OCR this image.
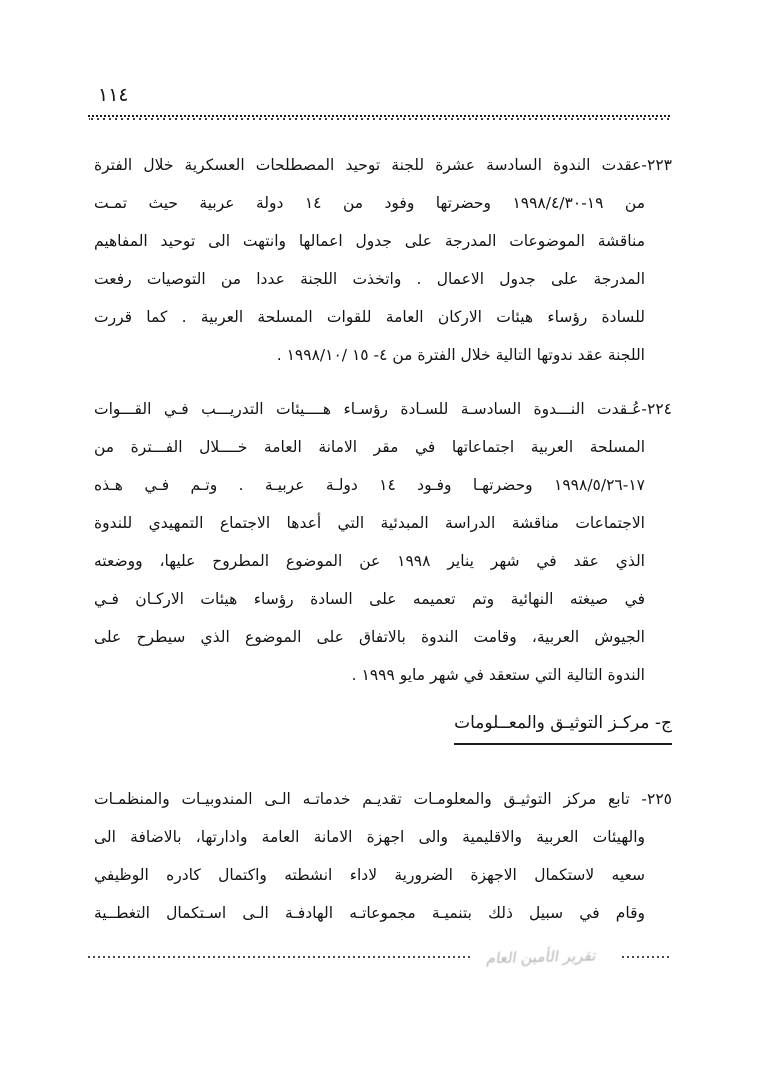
١١٤
٢٢٣-عقدت الندوة السادسة عشرة للجنة توحيد المصطلحات العسكرية خلال الفترة
من ١٩-١٩٩٨/٤/٣٠ وحضرتها وفود من ١٤ دولة عربية حيث تمـت
مناقشة الموضوعات المدرجة على جدول اعمالها وانتهت الى توحيد المفاهيم
المدرجة على جدول الاعمال . واتخذت اللجنة عددا من التوصيات رفعت
للسادة رؤساء هيئات الاركان العامة للقوات المسلحة العربية . كما قررت
اللجنة عقد ندوتها التالية خلال الفترة من ٤- ١٥ /١٩٩٨/١٠ .
٢٢٤-عُـقدت النـــدوة السادسـة للسـادة رؤسـاء هــــيئات التدريـــب فـي القـــوات
المسلحة العربية اجتماعاتها في مقر الامانة العامة خــــلال الفـــترة من
١٧-١٩٩٨/٥/٢٦ وحضرتهـا وفـود ١٤ دولـة عربيـة . وتـم فـي هـذه
الاجتماعات مناقشة الدراسة المبدئية التي أعدها الاجتماع التمهيدي للندوة
الذي عقد في شهر يناير ١٩٩٨ عن الموضوع المطروح عليها، ووضعته
في صيغته النهائية وتم تعميمه على السادة رؤساء هيئات الاركـان فـي
الجيوش العربية، وقامت الندوة بالاتفاق على الموضوع الذي سيطرح على
الندوة التالية التي ستعقد في شهر مايو ١٩٩٩ .
ج- مركـز التوثيـق والمعــلومات
٢٢٥- تابع مركز التوثيـق والمعلومـات تقديـم خدماتـه الـى المندوبيـات والمنظمـات
والهيئات العربية والاقليمية والى اجهزة الامانة العامة وادارتها، بالاضافة الى
سعيه لاستكمال الاجهزة الضرورية لاداء انشطته واكتمال كادره الوظيفي
وقام في سبيل ذلك بتنميـة مجموعاتـه الهادفـة الـى اسـتكمال التغطــية
تقرير الأمين العام
